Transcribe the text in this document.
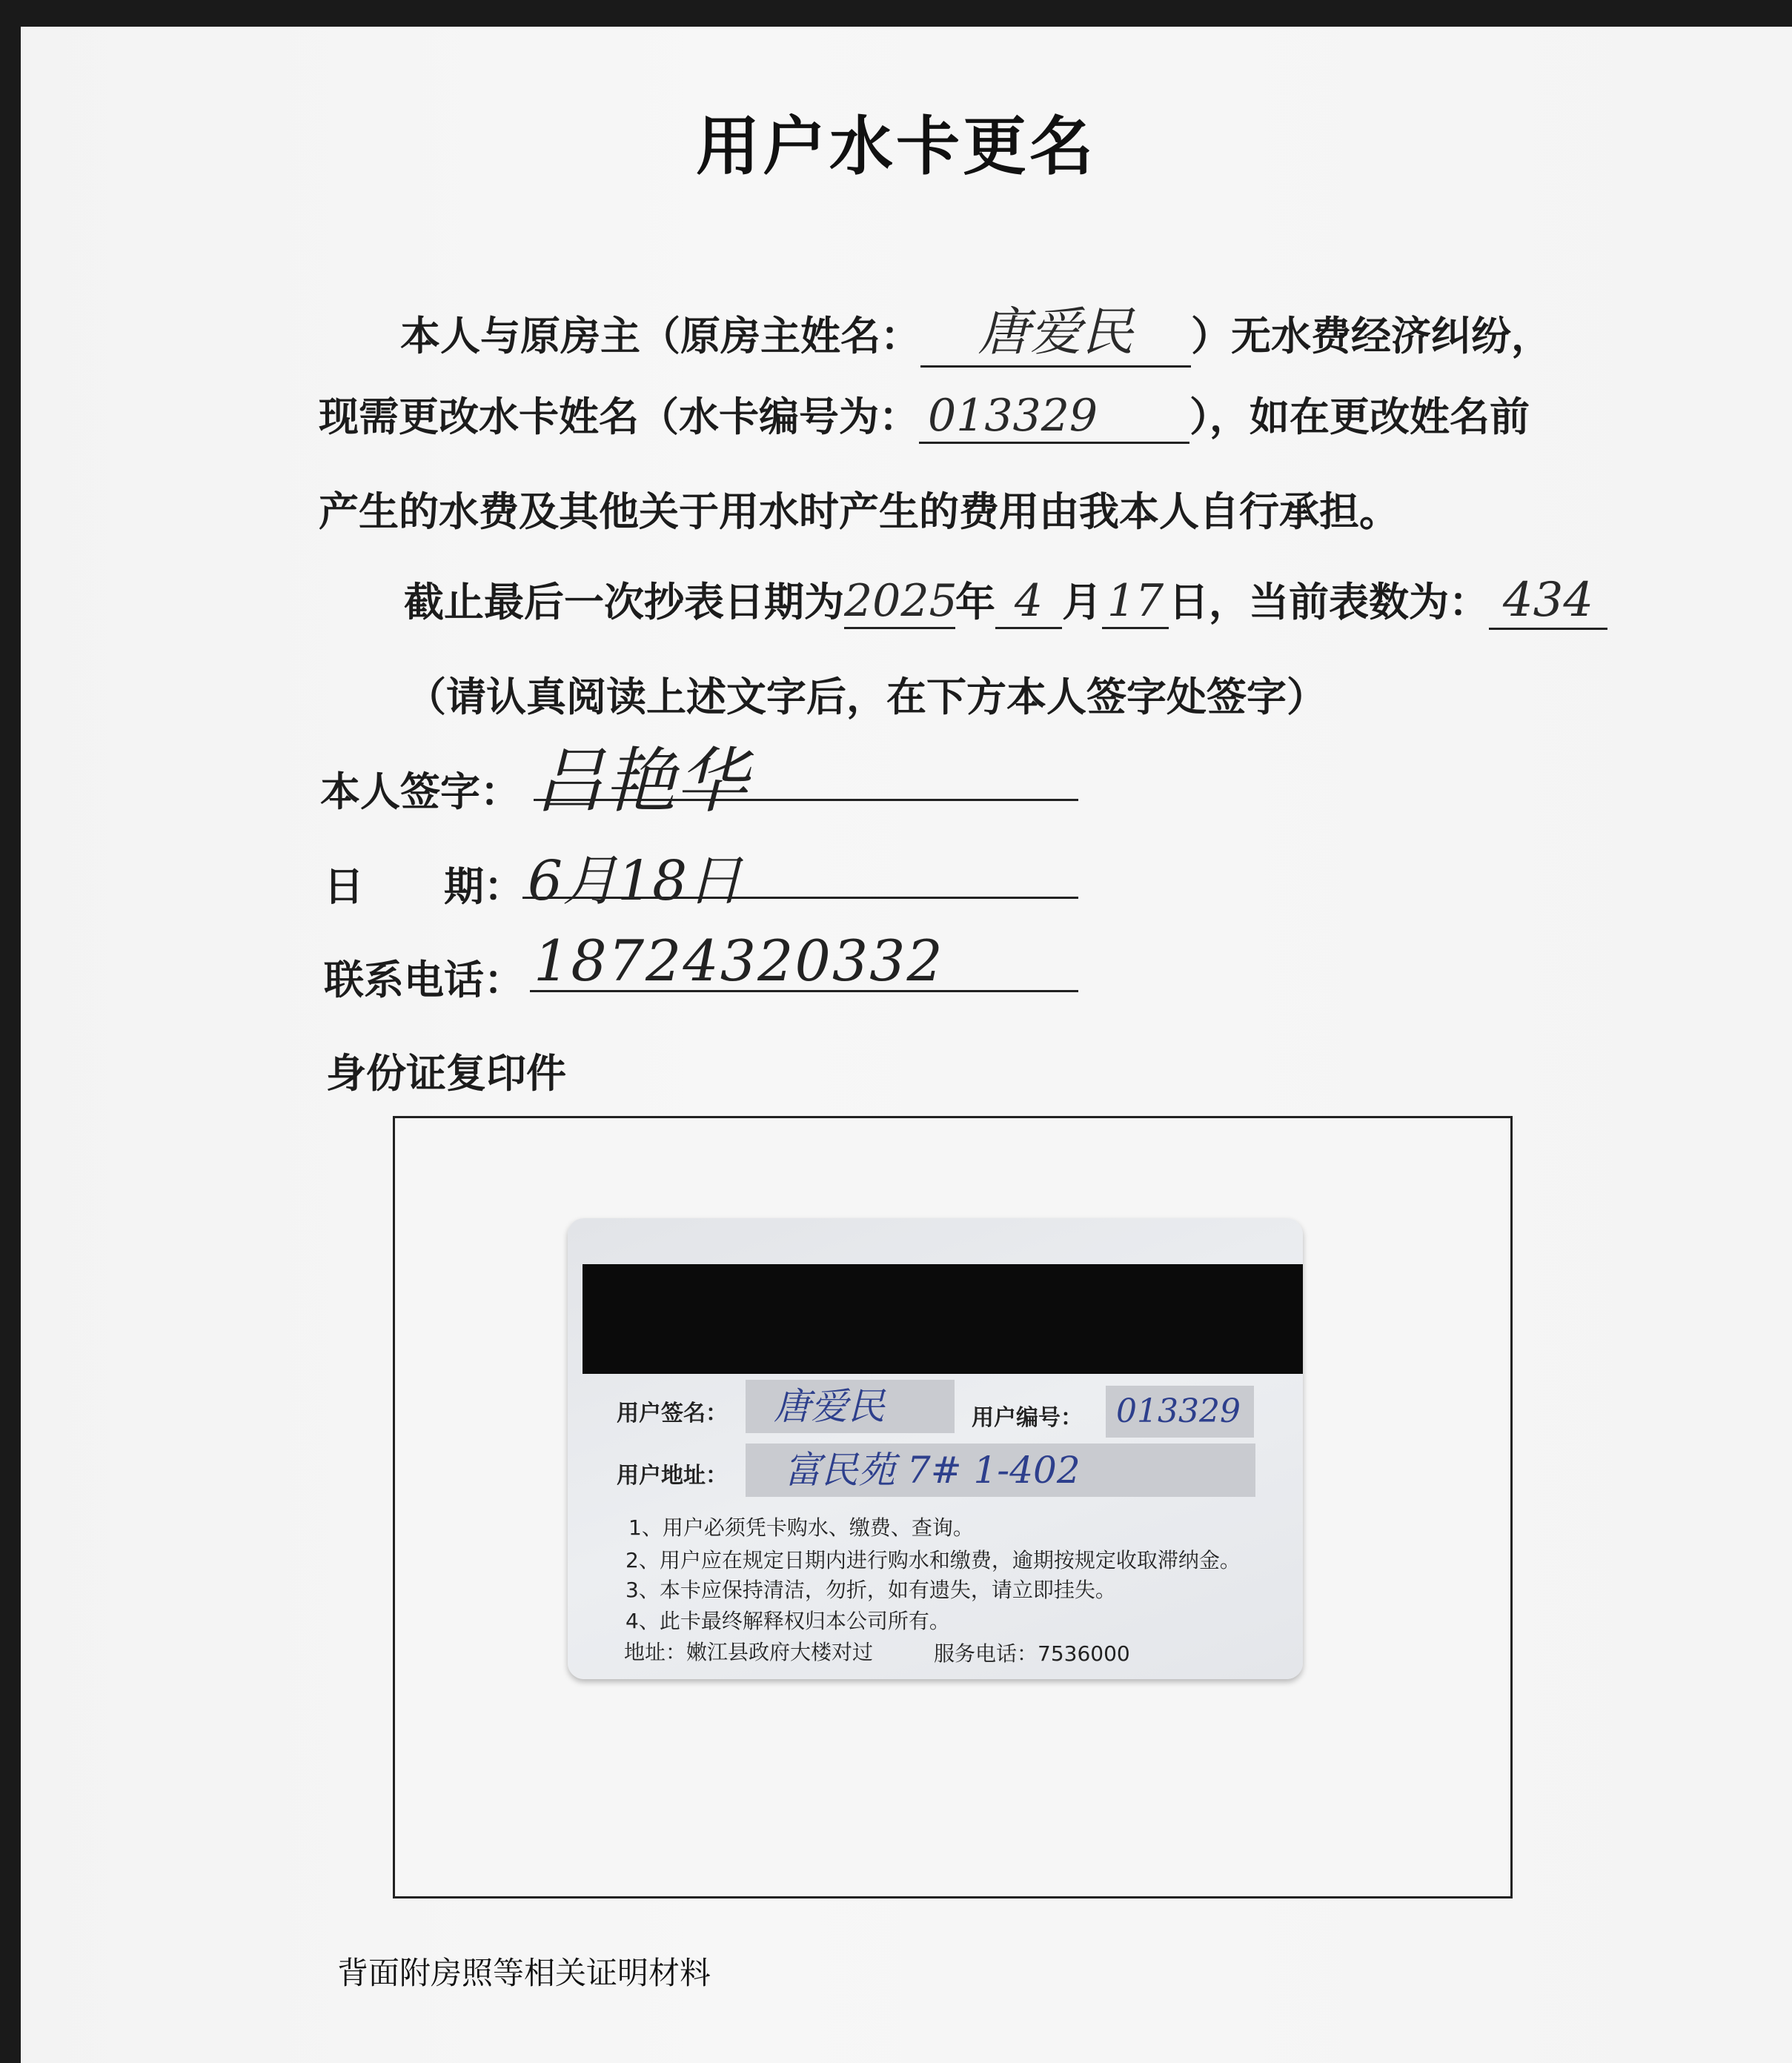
用户水卡更名
本人与原房主（原房主姓名： 唐爱民 ）无水费经济纠纷，
现需更改水卡姓名（水卡编号为： 013329 ），如在更改姓名前
产生的水费及其他关于用水时产生的费用由我本人自行承担。
截止最后一次抄表日期为2025年 4 月 17 日，当前表数为： 434
（请认真阅读上述文字后，在下方本人签字处签字）
本人签字： 吕艳华
日　　期： 6月18日
联系电话： 18724320332
身份证复印件
用户签名：	唐爱民	用户编号：	013329
用户地址：	富民苑 7# 1-402
1、用户必须凭卡购水、缴费、查询。
2、用户应在规定日期内进行购水和缴费，逾期按规定收取滞纳金。
3、本卡应保持清洁，勿折，如有遗失，请立即挂失。
4、此卡最终解释权归本公司所有。
地址：嫩江县政府大楼对过	服务电话：7536000
背面附房照等相关证明材料
